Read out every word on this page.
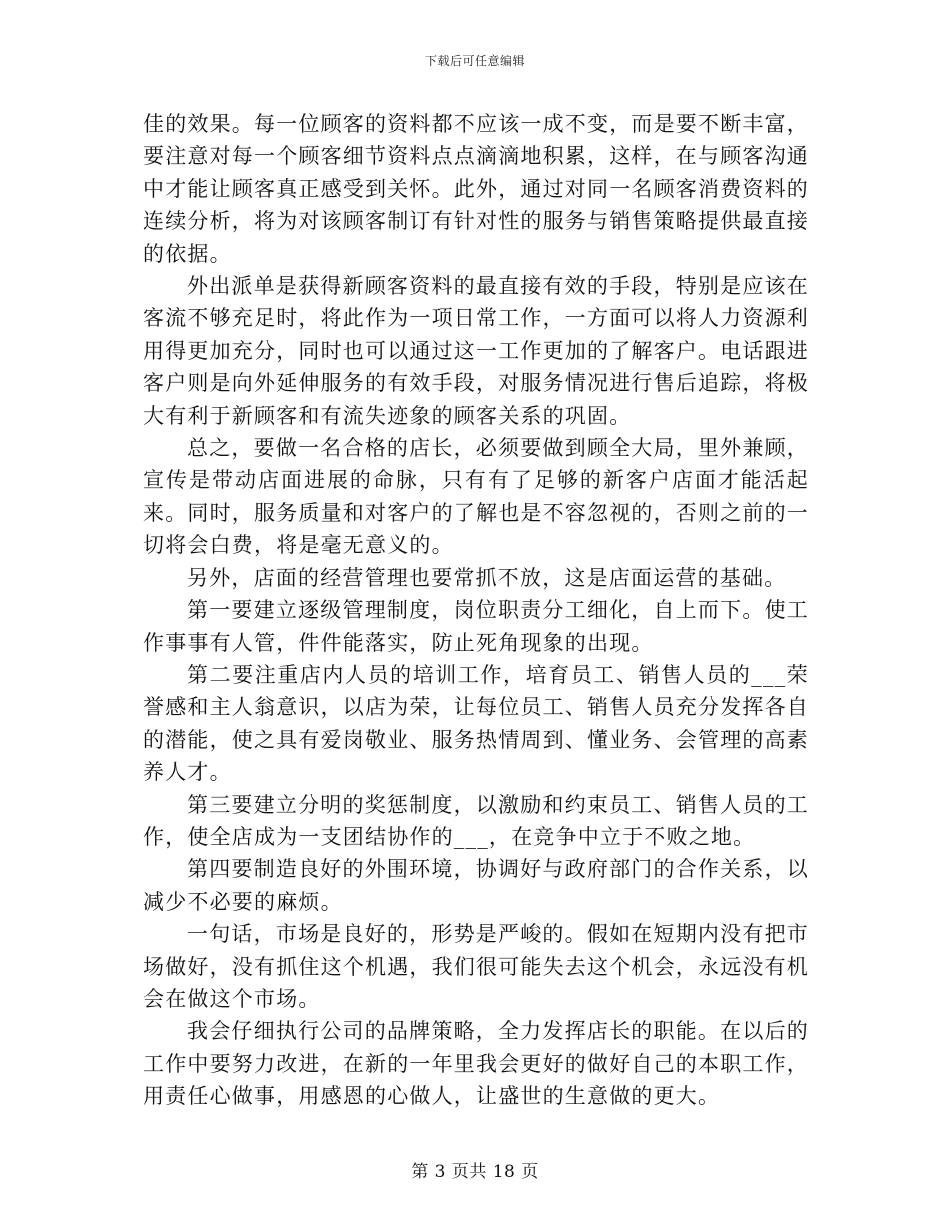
下载后可任意编辑

佳的效果。每一位顾客的资料都不应该一成不变，而是要不断丰富，要注意对每一个顾客细节资料点点滴滴地积累，这样，在与顾客沟通中才能让顾客真正感受到关怀。此外，通过对同一名顾客消费资料的连续分析，将为对该顾客制订有针对性的服务与销售策略提供最直接的依据。

外出派单是获得新顾客资料的最直接有效的手段，特别是应该在客流不够充足时，将此作为一项日常工作，一方面可以将人力资源利用得更加充分，同时也可以通过这一工作更加的了解客户。电话跟进客户则是向外延伸服务的有效手段，对服务情况进行售后追踪，将极大有利于新顾客和有流失迹象的顾客关系的巩固。

总之，要做一名合格的店长，必须要做到顾全大局，里外兼顾，宣传是带动店面进展的命脉，只有有了足够的新客户店面才能活起来。同时，服务质量和对客户的了解也是不容忽视的，否则之前的一切将会白费，将是毫无意义的。

另外，店面的经营管理也要常抓不放，这是店面运营的基础。

第一要建立逐级管理制度，岗位职责分工细化，自上而下。使工作事事有人管，件件能落实，防止死角现象的出现。

第二要注重店内人员的培训工作，培育员工、销售人员的___荣誉感和主人翁意识，以店为荣，让每位员工、销售人员充分发挥各自的潜能，使之具有爱岗敬业、服务热情周到、懂业务、会管理的高素养人才。

第三要建立分明的奖惩制度，以激励和约束员工、销售人员的工作，使全店成为一支团结协作的___，在竞争中立于不败之地。

第四要制造良好的外围环境，协调好与政府部门的合作关系，以减少不必要的麻烦。

一句话，市场是良好的，形势是严峻的。假如在短期内没有把市场做好，没有抓住这个机遇，我们很可能失去这个机会，永远没有机会在做这个市场。

我会仔细执行公司的品牌策略，全力发挥店长的职能。在以后的工作中要努力改进，在新的一年里我会更好的做好自己的本职工作，用责任心做事，用感恩的心做人，让盛世的生意做的更大。

第 3 页共 18 页
